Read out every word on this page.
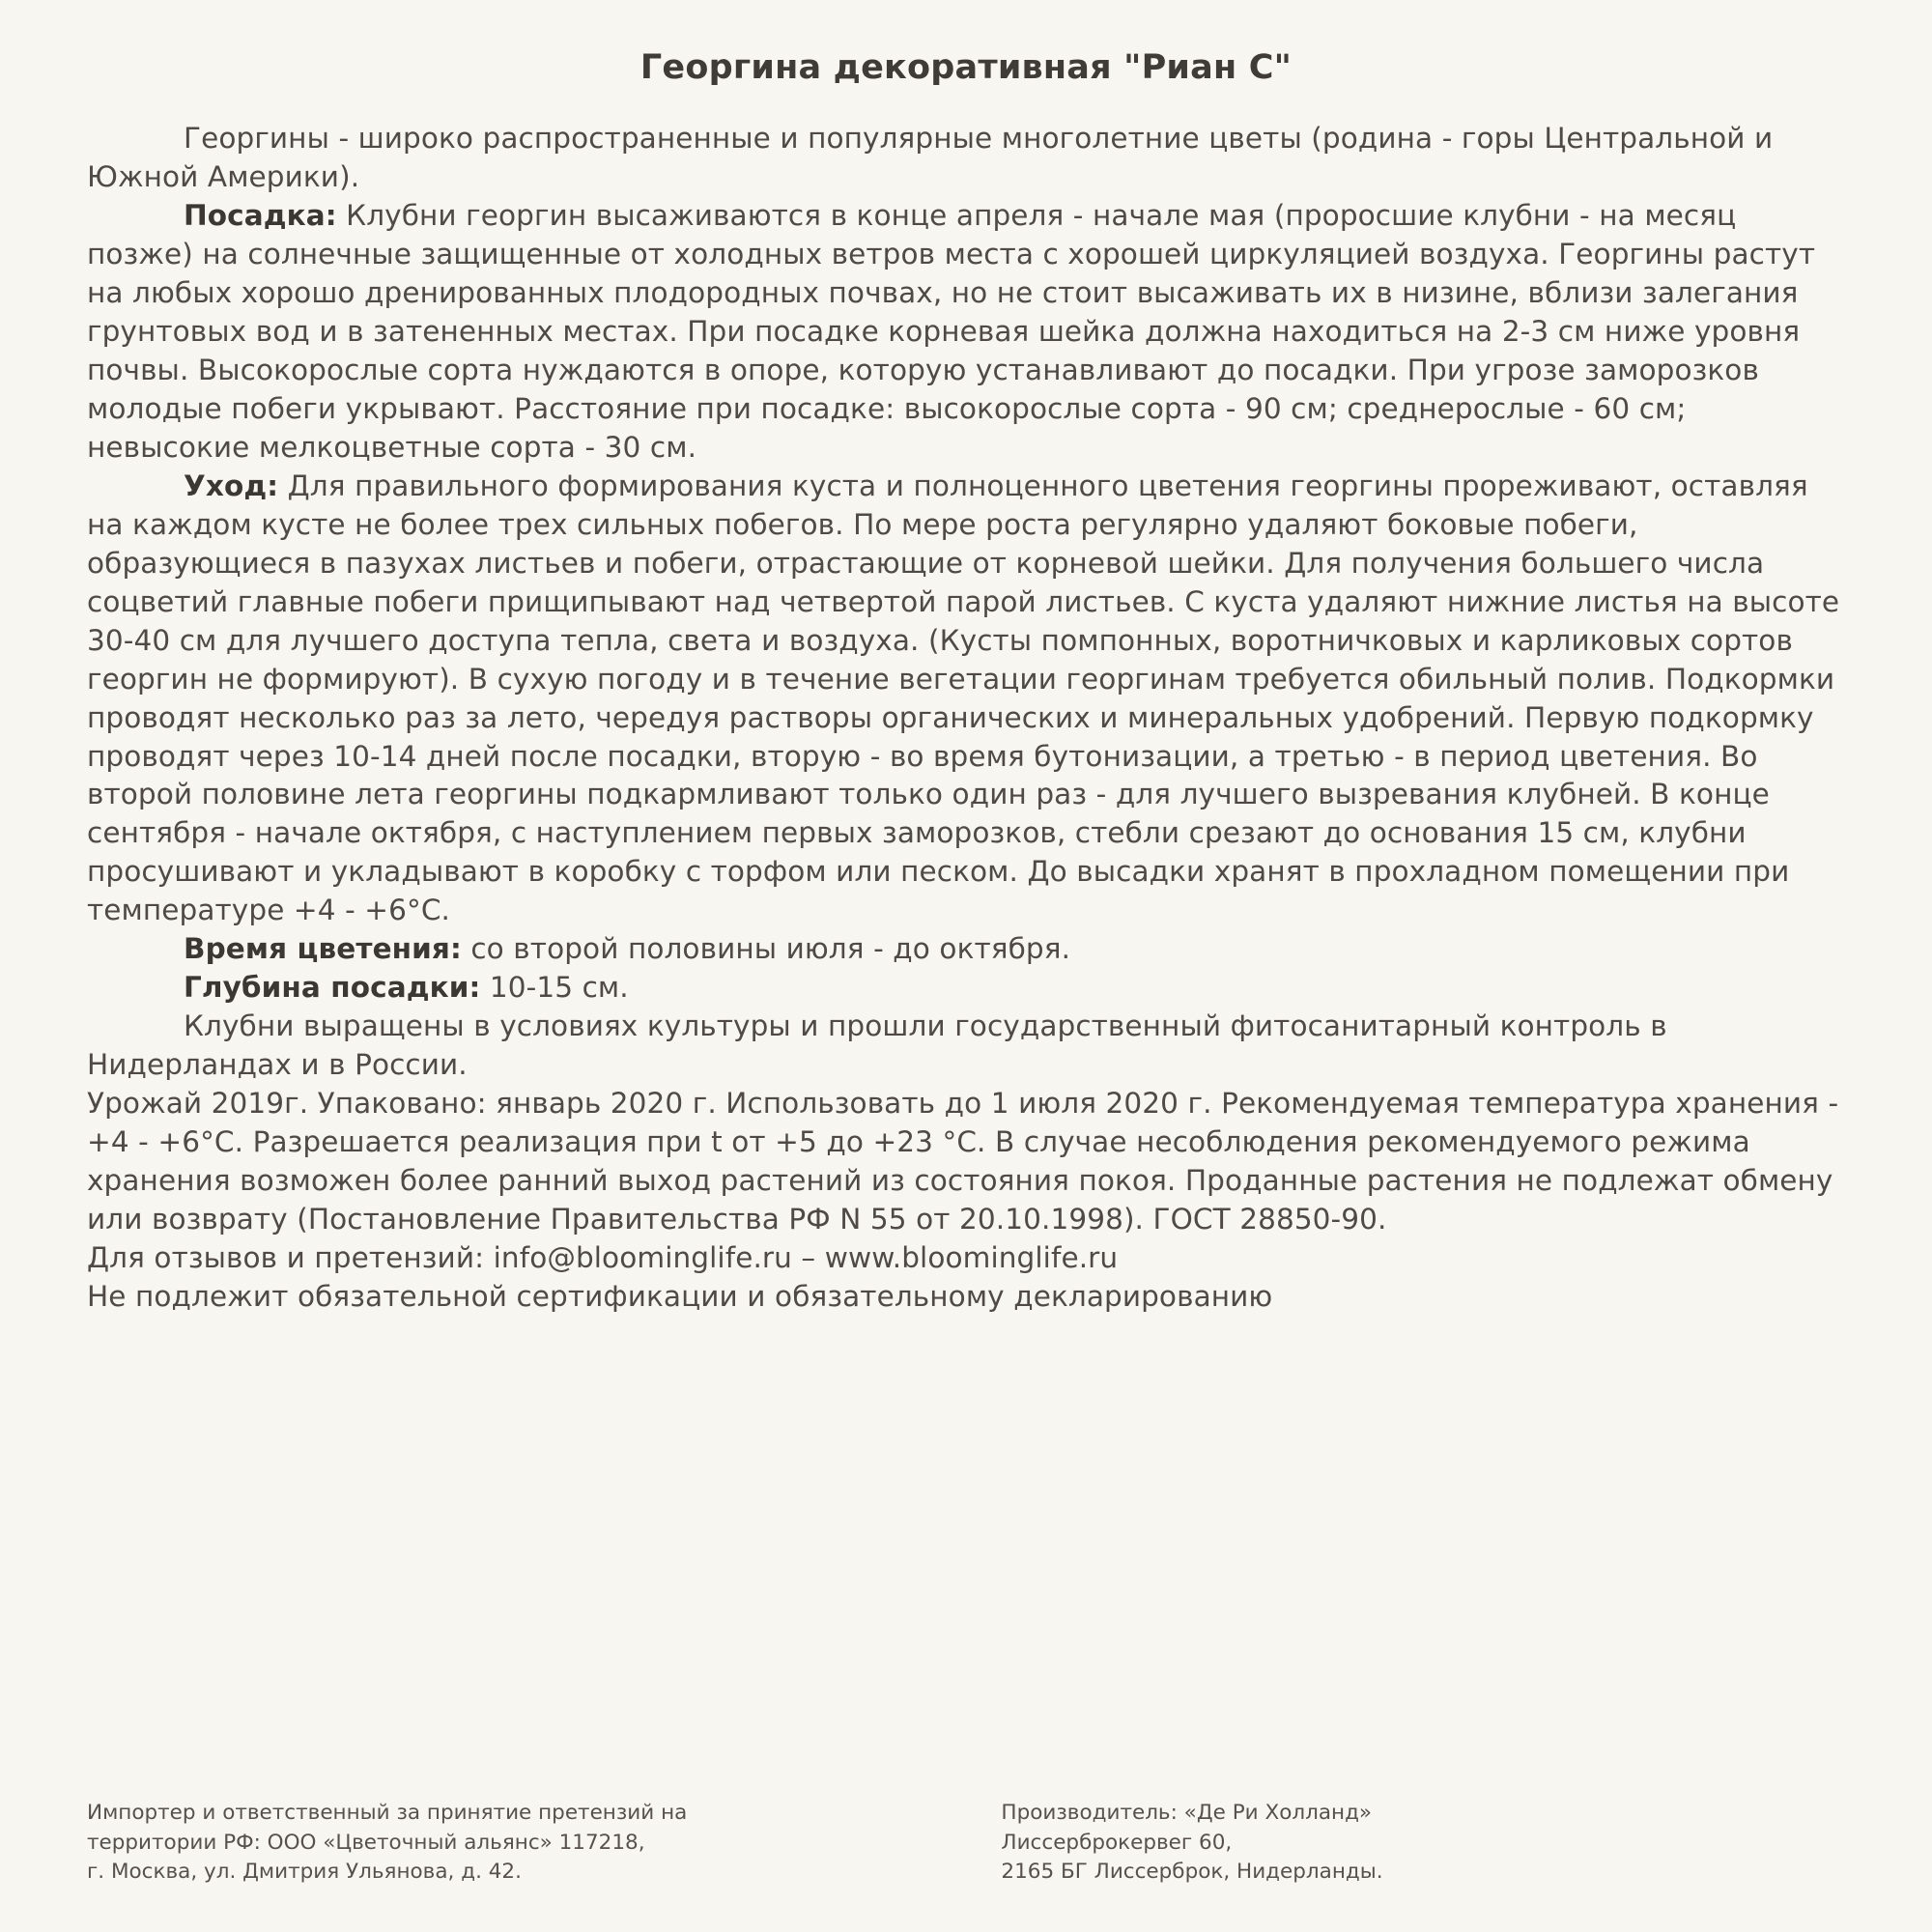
Георгина декоративная "Риан С"

Георгины - широко распространенные и популярные многолетние цветы (родина - горы Центральной и Южной Америки).

Посадка: Клубни георгин высаживаются в конце апреля - начале мая (проросшие клубни - на месяц позже) на солнечные защищенные от холодных ветров места с хорошей циркуляцией воздуха. Георгины растут на любых хорошо дренированных плодородных почвах, но не стоит высаживать их в низине, вблизи залегания грунтовых вод и в затененных местах. При посадке корневая шейка должна находиться на 2-3 см ниже уровня почвы. Высокорослые сорта нуждаются в опоре, которую устанавливают до посадки. При угрозе заморозков молодые побеги укрывают. Расстояние при посадке: высокорослые сорта - 90 см; среднерослые - 60 см; невысокие мелкоцветные сорта - 30 см.

Уход: Для правильного формирования куста и полноценного цветения георгины прореживают, оставляя на каждом кусте не более трех сильных побегов. По мере роста регулярно удаляют боковые побеги, образующиеся в пазухах листьев и побеги, отрастающие от корневой шейки. Для получения большего числа соцветий главные побеги прищипывают над четвертой парой листьев. С куста удаляют нижние листья на высоте 30-40 см для лучшего доступа тепла, света и воздуха. (Кусты помпонных, воротничковых и карликовых сортов георгин не формируют). В сухую погоду и в течение вегетации георгинам требуется обильный полив. Подкормки проводят несколько раз за лето, чередуя растворы органических и минеральных удобрений. Первую подкормку проводят через 10-14 дней после посадки, вторую - во время бутонизации, а третью - в период цветения. Во второй половине лета георгины подкармливают только один раз - для лучшего вызревания клубней. В конце сентября - начале октября, с наступлением первых заморозков, стебли срезают до основания 15 см, клубни просушивают и укладывают в коробку с торфом или песком. До высадки хранят в прохладном помещении при температуре +4 - +6°C.

Время цветения: со второй половины июля - до октября.

Глубина посадки: 10-15 см.

Клубни выращены в условиях культуры и прошли государственный фитосанитарный контроль в Нидерландах и в России.

Урожай 2019г. Упаковано: январь 2020 г. Использовать до 1 июля 2020 г. Рекомендуемая температура хранения - +4 - +6°C. Разрешается реализация при t от +5 до +23 °C. В случае несоблюдения рекомендуемого режима хранения возможен более ранний выход растений из состояния покоя. Проданные растения не подлежат обмену или возврату (Постановление Правительства РФ N 55 от 20.10.1998). ГОСТ 28850-90.

Для отзывов и претензий: info@bloominglife.ru – www.bloominglife.ru

Не подлежит обязательной сертификации и обязательному декларированию

Импортер и ответственный за принятие претензий на
территории РФ: ООО «Цветочный альянс» 117218,
г. Москва, ул. Дмитрия Ульянова, д. 42.
Производитель: «Де Ри Холланд»
Лиссерброкервег 60,
2165 БГ Лиссерброк, Нидерланды.
